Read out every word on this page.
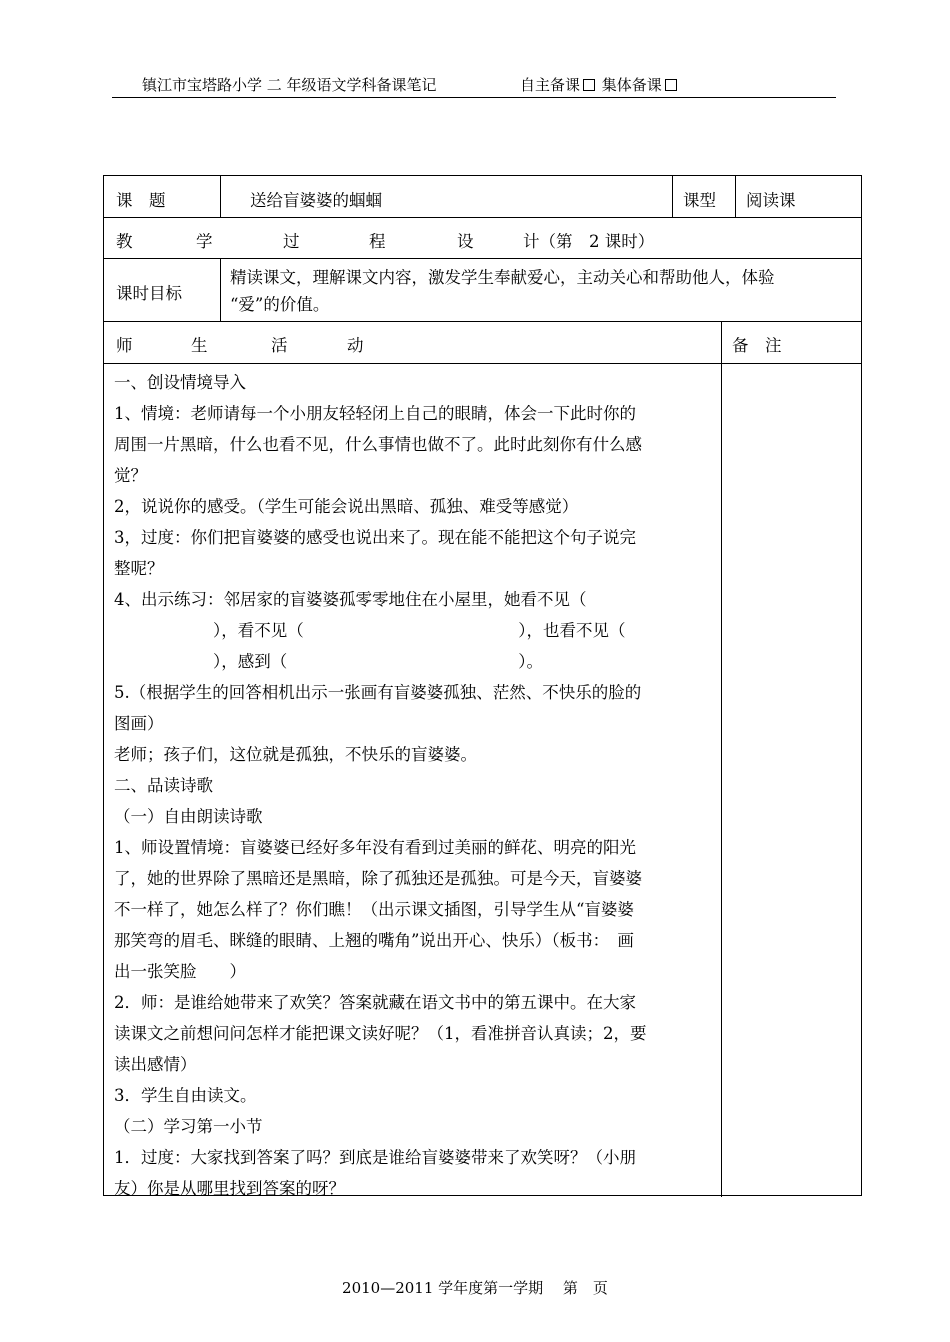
镇江市宝塔路小学 二 年级语文学科备课笔记	自主备课 集体备课
课　题	送给盲婆婆的蝈蝈	课型 阅读课
教	学	过	程	设	计（第　2 课时）
课时目标
精读课文，理解课文内容，激发学生奉献爱心，主动关心和帮助他人，体验
“爱”的价值。
师	生	活	动	备　注

一、创设情境导入

1、情境：老师请每一个小朋友轻轻闭上自己的眼睛，体会一下此时你的

周围一片黑暗，什么也看不见，什么事情也做不了。此时此刻你有什么感

觉？

2，说说你的感受。（学生可能会说出黑暗、孤独、难受等感觉）

3，过度：你们把盲婆婆的感受也说出来了。现在能不能把这个句子说完

整呢？

4、出示练习：邻居家的盲婆婆孤零零地住在小屋里，她看不见（

　　　　　　），看不见（　　　　　　　　　　　　　），也看不见（

　　　　　　），感到（　　　　　　　　　　　　　　）。

5.（根据学生的回答相机出示一张画有盲婆婆孤独、茫然、不快乐的脸的

图画）

老师；孩子们，这位就是孤独，不快乐的盲婆婆。

二、品读诗歌

（一）自由朗读诗歌

1、师设置情境：盲婆婆已经好多年没有看到过美丽的鲜花、明亮的阳光

了，她的世界除了黑暗还是黑暗，除了孤独还是孤独。可是今天，盲婆婆

不一样了，她怎么样了？你们瞧！（出示课文插图，引导学生从“盲婆婆

那笑弯的眉毛、眯缝的眼睛、上翘的嘴角”说出开心、快乐）（板书：　画

出一张笑脸　　）

2．师：是谁给她带来了欢笑？答案就藏在语文书中的第五课中。在大家

读课文之前想问问怎样才能把课文读好呢？（1，看准拼音认真读；2，要

读出感情）

3．学生自由读文。

（二）学习第一小节

1．过度：大家找到答案了吗？到底是谁给盲婆婆带来了欢笑呀？（小朋

友）你是从哪里找到答案的呀？

2010—2011 学年度第一学期　 第　页
